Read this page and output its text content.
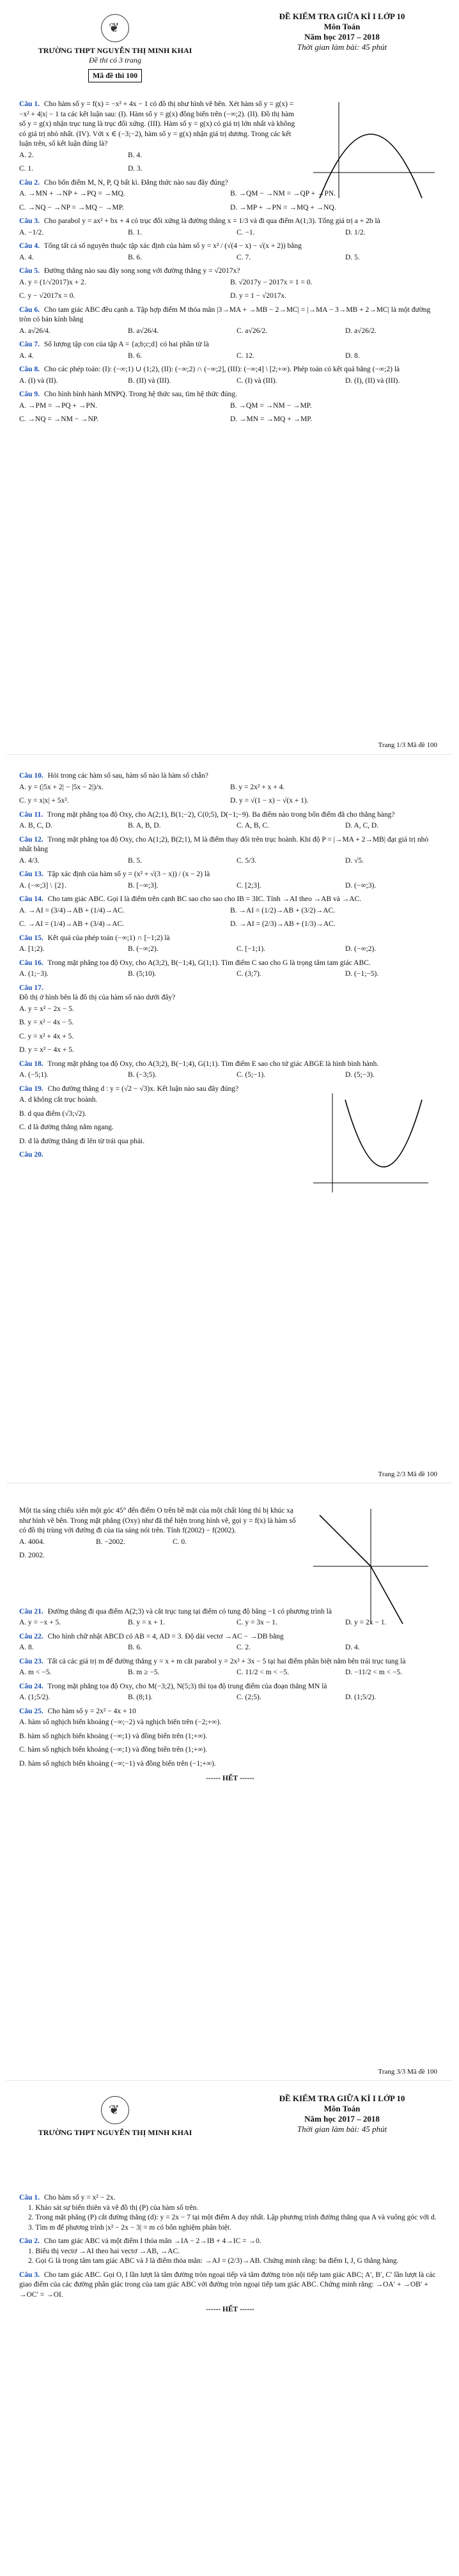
❦
TRƯỜNG THPT NGUYỄN THỊ MINH KHAI
Đề thi có 3 trang
Mã đề thi 100
ĐỀ KIỂM TRA GIỮA KÌ I LỚP 10
Môn Toán
Năm học 2017 – 2018
Thời gian làm bài: 45 phút
Câu 1. Cho hàm số y = f(x) = −x² + 4x − 1 có đồ thị như hình vẽ bên. Xét hàm số y = g(x) = −x² + 4|x| − 1 ta các kết luận sau: (I). Hàm số y = g(x) đồng biến trên (−∞;2). (II). Đồ thị hàm số y = g(x) nhận trục tung là trục đối xứng. (III). Hàm số y = g(x) có giá trị lớn nhất và không có giá trị nhỏ nhất. (IV). Với x ∈ (−3;−2), hàm số y = g(x) nhận giá trị dương. Trong các kết luận trên, số kết luận đúng là?
A. 2.	B. 4.
C. 1.	D. 3.
Câu 2. Cho bốn điểm M, N, P, Q bất kì. Đẳng thức nào sau đây đúng?
A. →MN + →NP + →PQ = →MQ.	B. →QM − →NM = →QP + →PN.
C. →NQ − →NP = →MQ − →MP.	D. →MP + →PN = →MQ + →NQ.
Câu 3. Cho parabol y = ax² + bx + 4 có trục đối xứng là đường thẳng x = 1/3 và đi qua điểm A(1;3). Tổng giá trị a + 2b là
A. −1/2.	B. 1.	C. −1.	D. 1/2.
Câu 4. Tổng tất cả số nguyên thuộc tập xác định của hàm số y = x² / (√(4 − x) − √(x + 2)) bằng
A. 4.	B. 6.	C. 7.	D. 5.
Câu 5. Đường thẳng nào sau đây song song với đường thẳng y = √2017x?
A. y = (1/√2017)x + 2.	B. √2017y − 2017x = 1 = 0.
C. y − √2017x = 0.	D. y = 1 − √2017x.
Câu 6. Cho tam giác ABC đều cạnh a. Tập hợp điểm M thỏa mãn |3→MA + →MB − 2→MC| = |→MA − 3→MB + 2→MC| là một đường tròn có bán kính bằng
A. a√26/4.	B. a√26/4.	C. a√26/2.	D. a√26/2.
Câu 7. Số lượng tập con của tập A = {a;b;c;d} có hai phần tử là
A. 4.	B. 6.	C. 12.	D. 8.
Câu 8. Cho các phép toán: (I): (−∞;1) ∪ (1;2), (II): (−∞;2) ∩ (−∞;2], (III): (−∞;4] \ [2;+∞). Phép toán có kết quả bằng (−∞;2) là
A. (I) và (II).	B. (II) và (III).	C. (I) và (III).	D. (I), (II) và (III).
Câu 9. Cho hình bình hành MNPQ. Trong hệ thức sau, tìm hệ thức đúng.
A. →PM = →PQ + →PN.	B. →QM = →NM − →MP.
C. →NQ = →NM − →NP.	D. →MN = →MQ + →MP.
Trang 1/3 Mã đề 100
Câu 10. Hỏi trong các hàm số sau, hàm số nào là hàm số chẵn?
A. y = (|5x + 2| − |5x − 2|)/x.	B. y = 2x² + x + 4.
C. y = x|x| + 5x².	D. y = √(1 − x) − √(x + 1).
Câu 11. Trong mặt phẳng tọa độ Oxy, cho A(2;1), B(1;−2), C(0;5), D(−1;−9). Ba điểm nào trong bốn điểm đã cho thẳng hàng?
A. B, C, D.	B. A, B, D.	C. A, B, C.	D. A, C, D.
Câu 12. Trong mặt phẳng tọa độ Oxy, cho A(1;2), B(2;1), M là điểm thay đổi trên trục hoành. Khi độ P = |→MA + 2→MB| đạt giá trị nhỏ nhất bằng
A. 4/3.	B. 5.	C. 5/3.	D. √5.
Câu 13. Tập xác định của hàm số y = (x² + √(3 − x)) / (x − 2) là
A. (−∞;3] \ {2}.	B. [−∞;3].	C. [2;3].	D. (−∞;3).
Câu 14. Cho tam giác ABC. Gọi I là điểm trên cạnh BC sao cho sao cho IB = 3IC. Tính →AI theo →AB và →AC.
A. →AI = (3/4)→AB + (1/4)→AC.	B. →AI = (1/2)→AB + (3/2)→AC.
C. →AI = (1/4)→AB + (3/4)→AC.	D. →AI = (2/3)→AB + (1/3)→AC.
Câu 15. Kết quả của phép toán (−∞;1) ∩ [−1;2) là
A. [1;2).	B. (−∞;2).	C. [−1;1).	D. (−∞;2).
Câu 16. Trong mặt phẳng tọa độ Oxy, cho A(3;2), B(−1;4), G(1;1). Tìm điểm C sao cho G là trọng tâm tam giác ABC.
A. (1;−3).	B. (5;10).	C. (3;7).	D. (−1;−5).
Câu 17.
Đồ thị ở hình bên là đồ thị của hàm số nào dưới đây?
A. y = x² − 2x − 5.
B. y = x² − 4x − 5.
C. y = x² + 4x + 5.
D. y = x² − 4x + 5.
Câu 18. Trong mặt phẳng tọa độ Oxy, cho A(3;2), B(−1;4), G(1;1). Tìm điểm E sao cho tứ giác ABGE là hình bình hành.
A. (−5;1).	B. (−3;5).	C. (5;−1).	D. (5;−3).
Câu 19. Cho đường thẳng d : y = (√2 − √3)x. Kết luận nào sau đây đúng?
A. d không cắt trục hoành.
B. d qua điểm (√3;√2).
C. d là đường thẳng nằm ngang.
D. d là đường thẳng đi lên từ trái qua phải.
Câu 20.
Trang 2/3 Mã đề 100
Một tia sáng chiếu xiên một góc 45° đến điểm O trên bề mặt của một chất lỏng thì bị khúc xạ như hình vẽ bên. Trong mặt phẳng (Oxy) như đã thể hiện trong hình vẽ, gọi y = f(x) là hàm số có đồ thị trùng với đường đi của tia sáng nói trên. Tính f(2002) − f(2002).
A. 4004.	B. −2002.	C. 0.
D. 2002.
Câu 21. Đường thẳng đi qua điểm A(2;3) và cắt trục tung tại điểm có tung độ bằng −1 có phương trình là
A. y = −x + 5.	B. y = x + 1.	C. y = 3x − 1.	D. y = 2x − 1.
Câu 22. Cho hình chữ nhật ABCD có AB = 4, AD = 3. Độ dài vectơ →AC − →DB bằng
A. 8.	B. 6.	C. 2.	D. 4.
Câu 23. Tất cả các giá trị m để đường thẳng y = x + m cắt parabol y = 2x² + 3x − 5 tại hai điểm phân biệt nằm bên trái trục tung là
A. m < −5.	B. m ≥ −5.	C. 11/2 < m < −5.	D. −11/2 < m < −5.
Câu 24. Trong mặt phẳng tọa độ Oxy, cho M(−3;2), N(5;3) thì tọa độ trung điểm của đoạn thẳng MN là
A. (1;5/2).	B. (8;1).	C. (2;5).	D. (1;5/2).
Câu 25. Cho hàm số y = 2x² − 4x + 10
A. hàm số nghịch biến khoảng (−∞;−2) và nghịch biến trên (−2;+∞).
B. hàm số nghịch biến khoảng (−∞;1) và đồng biến trên (1;+∞).
C. hàm số nghịch biến khoảng (−∞;1) và đồng biến trên (1;+∞).
D. hàm số nghịch biến khoảng (−∞;−1) và đồng biến trên (−1;+∞).
------ HẾT ------
Trang 3/3 Mã đề 100
❦
TRƯỜNG THPT NGUYỄN THỊ MINH KHAI
ĐỀ KIỂM TRA GIỮA KÌ I LỚP 10
Môn Toán
Năm học 2017 – 2018
Thời gian làm bài: 45 phút
Câu 1. Cho hàm số y = x² − 2x.
1. Khảo sát sự biến thiên và vẽ đồ thị (P) của hàm số trên.
2. Trong mặt phẳng (P) cắt đường thẳng (d): y = 2x − 7 tại một điểm A duy nhất. Lập phương trình đường thẳng qua A và vuông góc với d.
3. Tìm m để phương trình |x² − 2x − 3| = m có bốn nghiệm phân biệt.
Câu 2. Cho tam giác ABC và một điểm I thỏa mãn →IA − 2→IB + 4→IC = →0.
1. Biểu thị vectơ →AI theo hai vectơ →AB, →AC.
2. Gọi G là trọng tâm tam giác ABC và J là điểm thỏa mãn: →AJ = (2/3)→AB. Chứng minh rằng: ba điểm I, J, G thẳng hàng.
Câu 3. Cho tam giác ABC. Gọi O, I lần lượt là tâm đường tròn ngoại tiếp và tâm đường tròn nội tiếp tam giác ABC; A′, B′, C′ lần lượt là các giao điểm của các đường phân giác trong của tam giác ABC với đường tròn ngoại tiếp tam giác ABC. Chứng minh rằng: →OA′ + →OB′ + →OC′ = →OI.
------ HẾT ------
